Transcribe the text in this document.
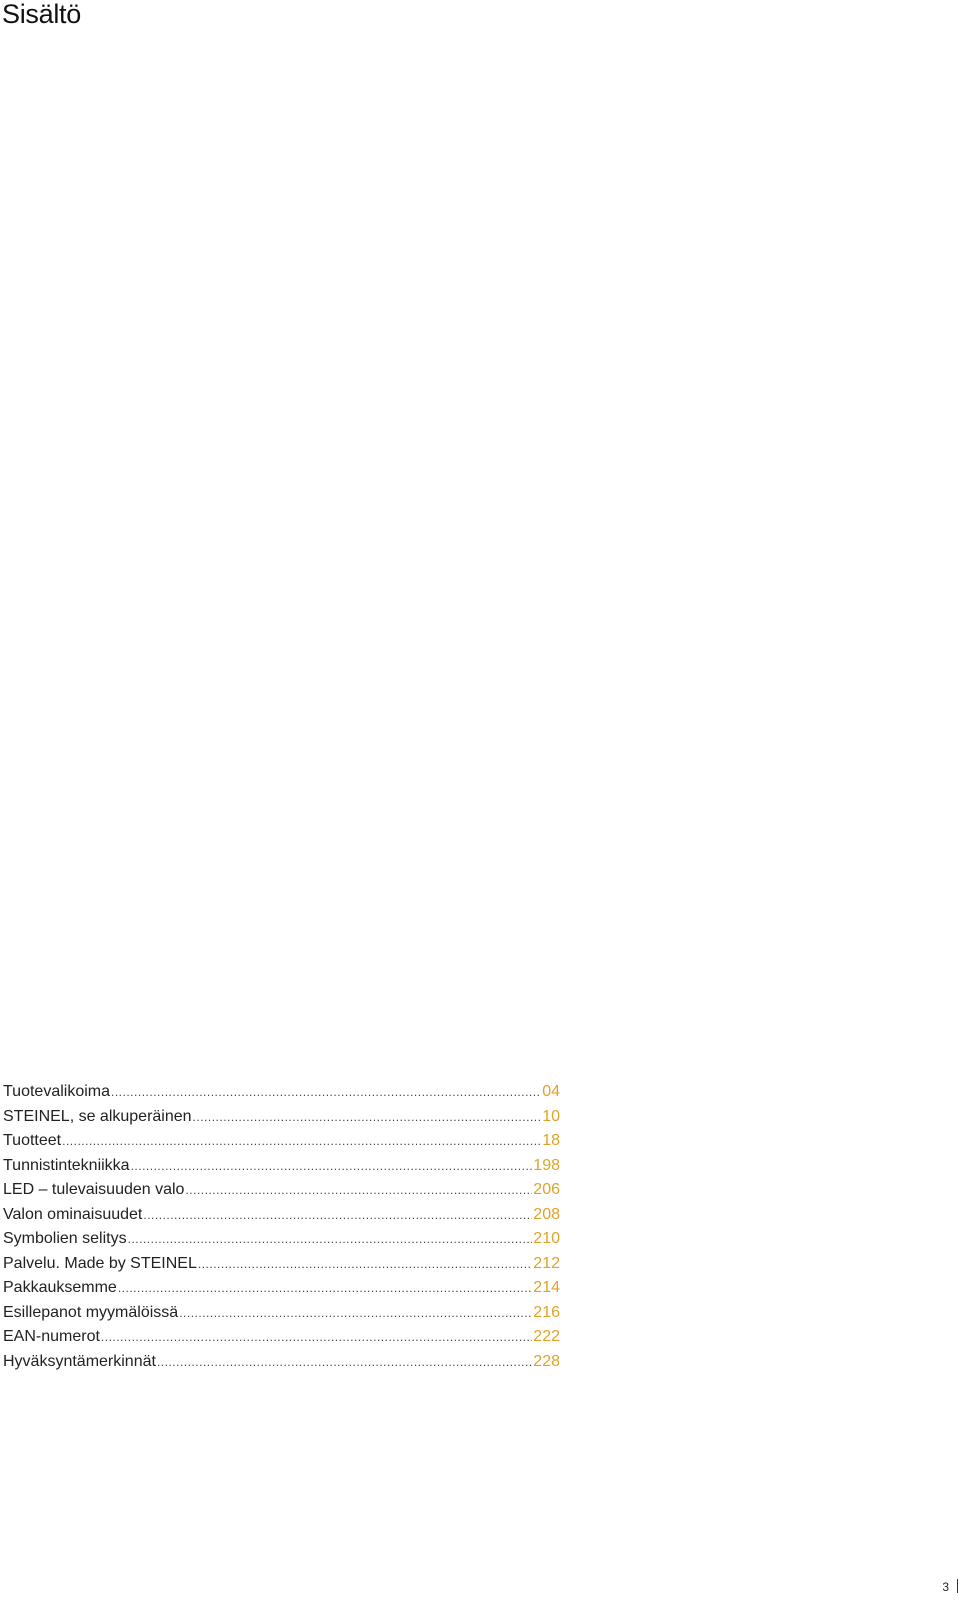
Sisältö
Tuotevalikoima .....	04
STEINEL, se alkuperäinen .....	10
Tuotteet .....	18
Tunnistintekniikka .....	198
LED – tulevaisuuden valo .....	206
Valon ominaisuudet .....	208
Symbolien selitys .....	210
Palvelu. Made by STEINEL .....	212
Pakkauksemme .....	214
Esillepanot myymälöissä .....	216
EAN-numerot .....	222
Hyväksyntämerkinnät .....	228
3
